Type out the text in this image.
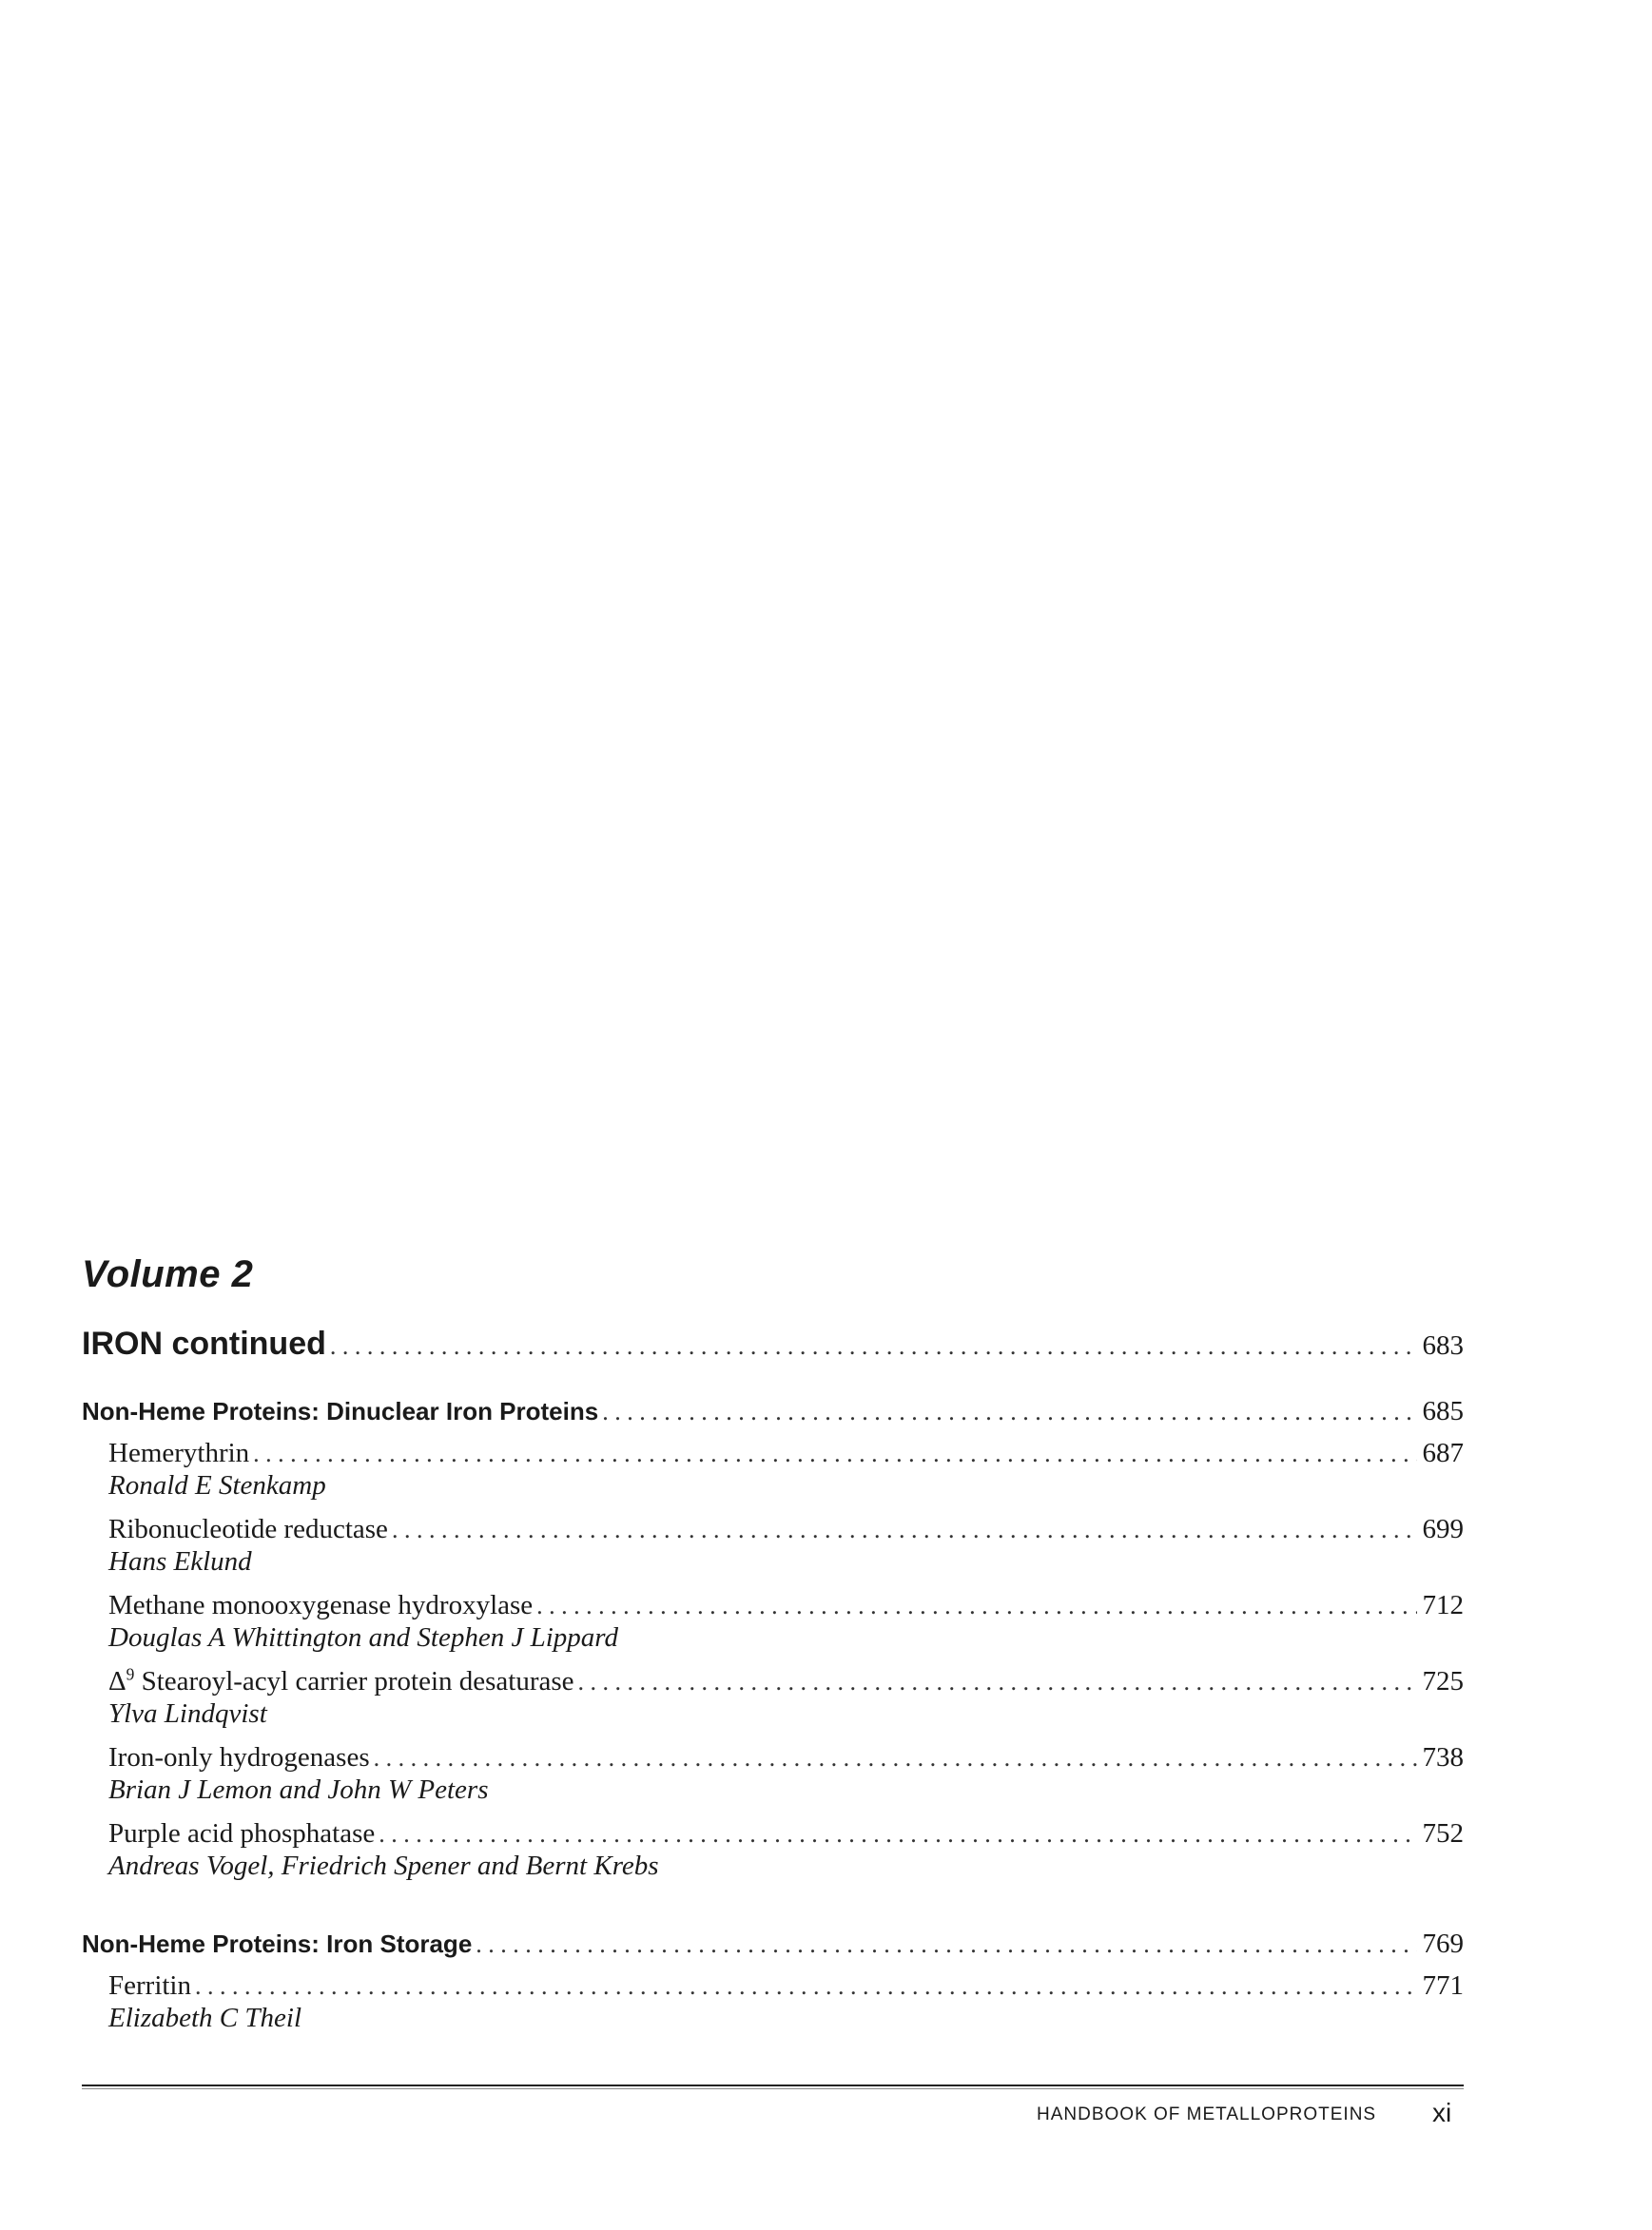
Volume 2
IRON continued . . .	683
Non-Heme Proteins: Dinuclear Iron Proteins . . .	685
Hemerythrin . . .	687

Ronald E Stenkamp

Ribonucleotide reductase . . .	699

Hans Eklund

Methane monooxygenase hydroxylase . . .	712

Douglas A Whittington and Stephen J Lippard

$\Delta^9$ Stearoyl-acyl carrier protein desaturase . . .	725

Ylva Lindqvist

Iron-only hydrogenases . . .	738

Brian J Lemon and John W Peters

Purple acid phosphatase . . .	752

Andreas Vogel, Friedrich Spener and Bernt Krebs

Non-Heme Proteins: Iron Storage . . .	769
Ferritin . . .	771

Elizabeth C Theil

HANDBOOK OF METALLOPROTEINS xi
